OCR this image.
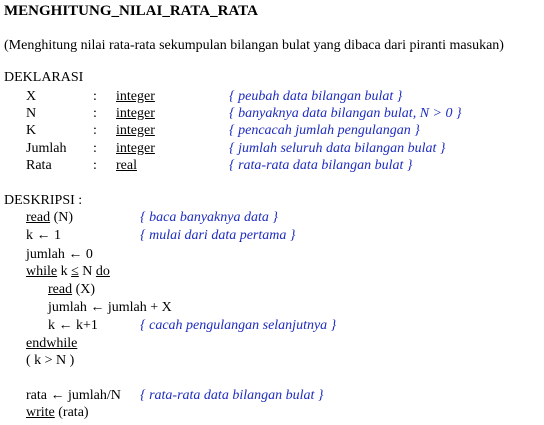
MENGHITUNG_NILAI_RATA_RATA
(Menghitung nilai rata-rata sekumpulan bilangan bulat yang dibaca dari piranti masukan)
DEKLARASI
X	: integer	{ peubah data bilangan bulat }
N	: integer	{ banyaknya data bilangan bulat, N > 0 }
K	: integer	{ pencacah jumlah pengulangan }
Jumlah : integer	{ jumlah seluruh data bilangan bulat }
Rata	: real	{ rata-rata data bilangan bulat }
DESKRIPSI :
read (N)	{ baca banyaknya data }
k ← 1	{ mulai dari data pertama }
jumlah ← 0
while k ≤ N do
read (X)
jumlah ← jumlah + X
k ← k+1	{ cacah pengulangan selanjutnya }
endwhile
( k > N )
rata ← jumlah/N { rata-rata data bilangan bulat }
write (rata)
